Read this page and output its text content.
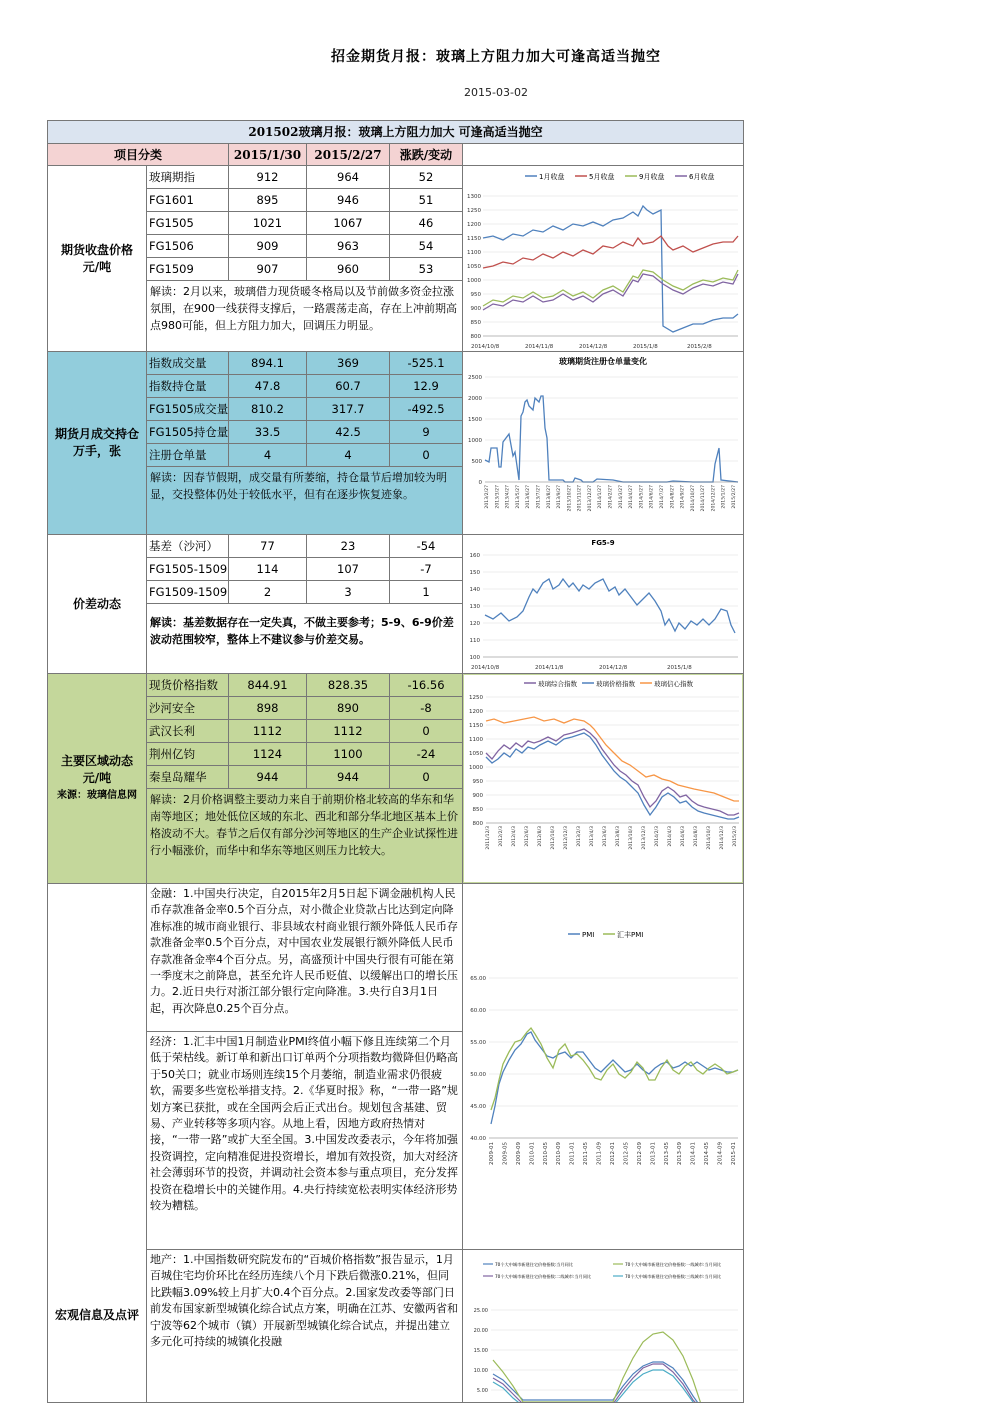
招金期货月报：玻璃上方阻力加大可逢高适当抛空
2015-03-02
201502玻璃月报：玻璃上方阻力加大 可逢高适当抛空
项目分类	2015/1/30	2015/2/27	涨跌/变动
期货收盘价格
元/吨
玻璃期指	912	964	52
FG1601	895	946	51
FG1505	1021	1067	46
FG1506	909	963	54
FG1509	907	960	53
解读：2月以来，玻璃借力现货暖冬格局以及节前做多资金拉涨氛围，在900一线获得支撑后，一路震荡走高，存在上冲前期高点980可能，但上方阻力加大，回调压力明显。
1月收盘	5月收盘	9月收盘	6月收盘
1300
1250
1200
1150
1100
1050
1000
950
900
850
800
2014/10/8	2014/11/8	2014/12/8	2015/1/8	2015/2/8
期货月成交持仓
万手，张
指数成交量	894.1	369	-525.1
指数持仓量	47.8	60.7	12.9
FG1505成交量	810.2	317.7	-492.5
FG1505持仓量	33.5	42.5	9
注册仓单量	4	4	0
解读：因春节假期，成交量有所萎缩，持仓量节后增加较为明显，交投整体仍处于较低水平，但有在逐步恢复迹象。
玻璃期货注册仓单量变化
2500
2000
1500
1000
500
0
2013/2/27 2013/3/27 2013/4/27 2013/5/27 2013/6/27 2013/7/27 2013/8/27 2013/9/27 2013/10/27 2013/11/27 2013/12/27 2014/1/27 2014/2/27 2014/3/27 2014/4/27 2014/5/27 2014/6/27 2014/7/27 2014/8/27 2014/9/27 2014/10/27 2014/11/27 2014/12/27 2015/1/27 2015/2/27
价差动态
基差（沙河）	77	23	-54
FG1505-1509	114	107	-7
FG1509-1509	2	3	1
解读：基差数据存在一定失真，不做主要参考；5-9、6-9价差波动范围较窄，整体上不建议参与价差交易。
FG5-9
160
150
140
130
120
110
100
2014/10/8	2014/11/8	2014/12/8	2015/1/8
主要区域动态
元/吨
来源：玻璃信息网
现货价格指数	844.91	828.35	-16.56
沙河安全	898	890	-8
武汉长利	1112	1112	0
荆州亿钧	1124	1100	-24
秦皇岛耀华	944	944	0
解读：2月价格调整主要动力来自于前期价格北较高的华东和华南等地区；地处低位区域的东北、西北和部分华北地区基本上价格波动不大。春节之后仅有部分沙河等地区的生产企业试探性进行小幅涨价，而华中和华东等地区则压力比较大。
玻璃综合指数	玻璃价格指数	玻璃信心指数
1250
1200
1150
1100
1050
1000
950
900
850
800
2011/12/3 2012/2/3 2012/4/3 2012/6/3 2012/8/3 2012/10/3 2012/12/3 2013/2/3 2013/4/3 2013/6/3 2013/8/3 2013/10/3 2013/12/3 2014/2/3 2014/4/3 2014/6/3 2014/8/3 2014/10/3 2014/12/3 2015/2/3
宏观信息及点评
金融：1.中国央行决定，自2015年2月5日起下调金融机构人民币存款准备金率0.5个百分点，对小微企业贷款占比达到定向降准标准的城市商业银行、非县域农村商业银行额外降低人民币存款准备金率0.5个百分点，对中国农业发展银行额外降低人民币存款准备金率4个百分点。另，高盛预计中国央行很有可能在第一季度末之前降息，甚至允许人民币贬值、以缓解出口的增长压力。2.近日央行对浙江部分银行定向降准。3.央行自3月1日起，再次降息0.25个百分点。
经济：1.汇丰中国1月制造业PMI终值小幅下修且连续第二个月低于荣枯线。新订单和新出口订单两个分项指数均微降但仍略高于50关口；就业市场则连续15个月萎缩，制造业需求仍很疲软，需要多些宽松举措支持。2.《华夏时报》称，“一带一路”规划方案已获批，或在全国两会后正式出台。规划包含基建、贸易、产业转移等多项内容。从地上看，因地方政府热情对接，“一带一路”或扩大至全国。3.中国发改委表示，今年将加强投资调控，定向精准促进投资增长，增加有效投资，加大对经济社会薄弱环节的投资，并调动社会资本参与重点项目，充分发挥投资在稳增长中的关键作用。4.央行持续宽松表明实体经济形势较为糟糕。
地产：1.中国指数研究院发布的“百城价格指数”报告显示，1月百城住宅均价环比在经历连续八个月下跌后微涨0.21%，但同比跌幅3.09%较上月扩大0.4个百分点。2.国家发改委等部门日前发布国家新型城镇化综合试点方案，明确在江苏、安徽两省和宁波等62个城市（镇）开展新型城镇化综合试点，并提出建立多元化可持续的城镇化投融
PMI	汇丰PMI
65.00
60.00
55.00
50.00
45.00
40.00
2009-01 2009-05 2009-09 2010-01 2010-05 2010-09 2011-01 2011-05 2011-09 2012-01 2012-05 2012-09 2013-01 2013-05 2013-09 2014-01 2014-05 2014-09 2015-01
70个大中城市新建住宅价格指数:当月同比	70个大中城市新建住宅价格指数:一线城市:当月同比
70个大中城市新建住宅价格指数:二线城市:当月同比	70个大中城市新建住宅价格指数:三线城市:当月同比
25.00
20.00
15.00
10.00
5.00
